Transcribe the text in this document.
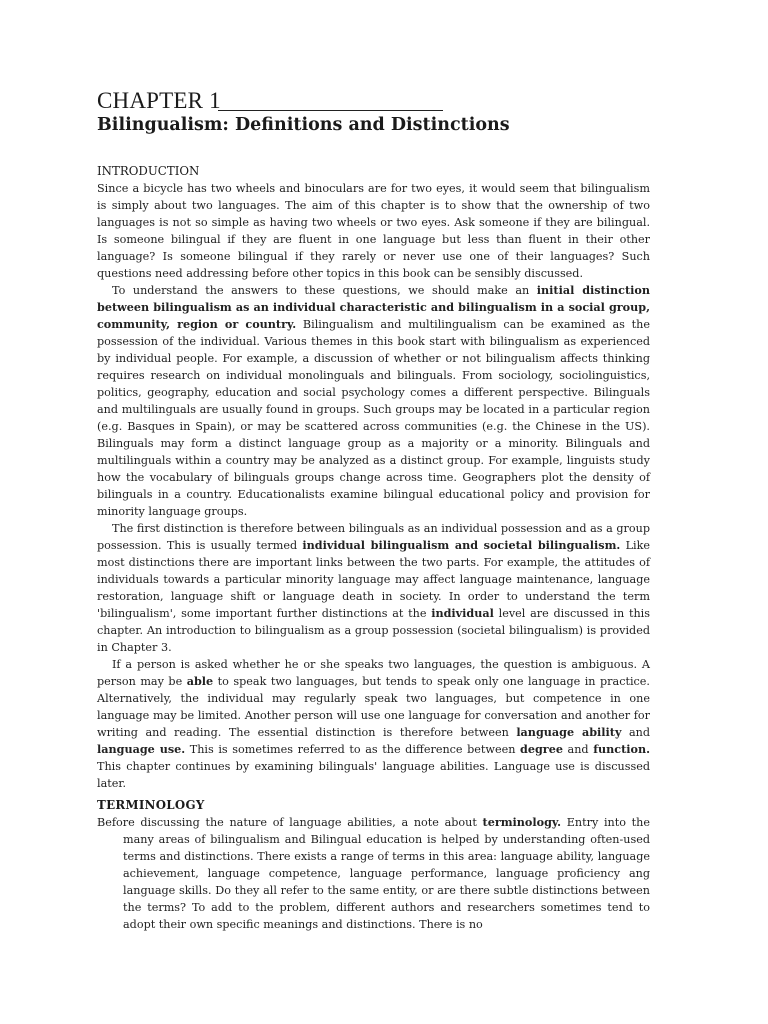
CHAPTER 1
Bilingualism: Definitions and Distinctions
INTRODUCTION

Since a bicycle has two wheels and binoculars are for two eyes, it would seem that bilingualism is simply about two languages. The aim of this chapter is to show that the ownership of two languages is not so simple as having two wheels or two eyes. Ask someone if they are bilingual. Is someone bilingual if they are fluent in one language but less than fluent in their other language? Is someone bilingual if they rarely or never use one of their languages? Such questions need addressing before other topics in this book can be sensibly discussed.

To understand the answers to these questions, we should make an initial distinction between bilingualism as an individual characteristic and bilingualism in a social group, community, region or country. Bilingualism and multilingualism can be examined as the possession of the individual. Various themes in this book start with bilingualism as experienced by individual people. For example, a discussion of whether or not bilingualism affects thinking requires research on individual monolinguals and bilinguals. From sociology, sociolinguistics, politics, geography, education and social psychology comes a different perspective. Bilinguals and multilinguals are usually found in groups. Such groups may be located in a particular region (e.g. Basques in Spain), or may be scattered across communities (e.g. the Chinese in the US). Bilinguals may form a distinct language group as a majority or a minority. Bilinguals and multilinguals within a country may be analyzed as a distinct group. For example, linguists study how the vocabulary of bilinguals groups change across time. Geographers plot the density of bilinguals in a country. Educationalists examine bilingual educational policy and provision for minority language groups.

The first distinction is therefore between bilinguals as an individual possession and as a group possession. This is usually termed individual bilingualism and societal bilingualism. Like most distinctions there are important links between the two parts. For example, the attitudes of individuals towards a particular minority language may affect language maintenance, language restoration, language shift or language death in society. In order to understand the term 'bilingualism', some important further distinctions at the individual level are discussed in this chapter. An introduction to bilingualism as a group possession (societal bilingualism) is provided in Chapter 3.

If a person is asked whether he or she speaks two languages, the question is ambiguous. A person may be able to speak two languages, but tends to speak only one language in practice. Alternatively, the individual may regularly speak two languages, but competence in one language may be limited. Another person will use one language for conversation and another for writing and reading. The essential distinction is therefore between language ability and language use. This is sometimes referred to as the difference between degree and function. This chapter continues by examining bilinguals' language abilities. Language use is discussed later.

TERMINOLOGY

Before discussing the nature of language abilities, a note about terminology. Entry into the many areas of bilingualism and Bilingual education is helped by understanding often-used terms and distinctions. There exists a range of terms in this area: language ability, language achievement, language competence, language performance, language proficiency ang language skills. Do they all refer to the same entity, or are there subtle distinctions between the terms? To add to the problem, different authors and researchers sometimes tend to adopt their own specific meanings and distinctions. There is no
